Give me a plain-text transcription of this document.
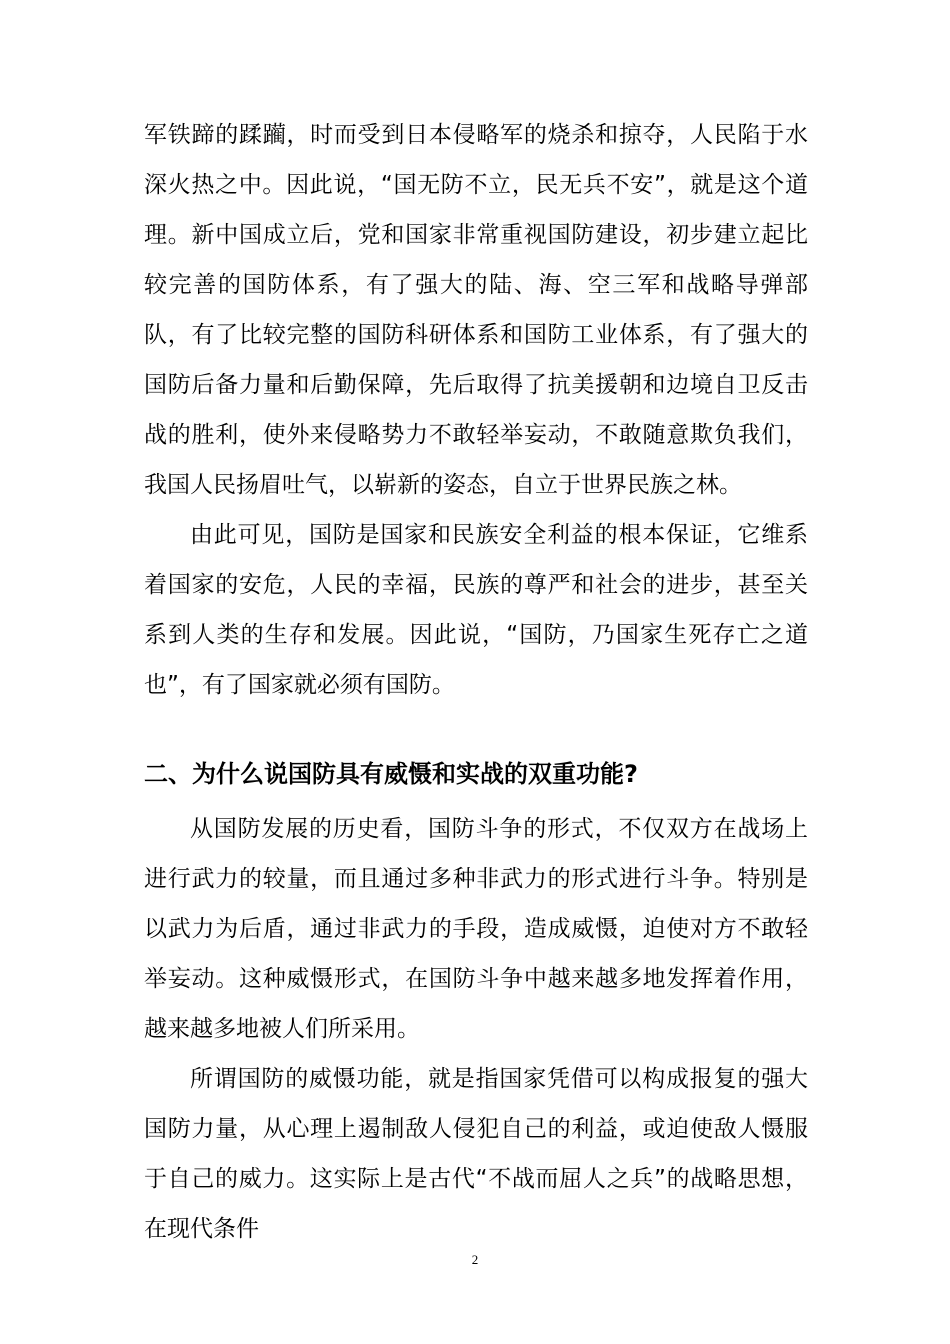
军铁蹄的蹂躏，时而受到日本侵略军的烧杀和掠夺，人民陷于水深火热之中。因此说，“国无防不立，民无兵不安”，就是这个道理。新中国成立后，党和国家非常重视国防建设，初步建立起比较完善的国防体系，有了强大的陆、海、空三军和战略导弹部队，有了比较完整的国防科研体系和国防工业体系，有了强大的国防后备力量和后勤保障，先后取得了抗美援朝和边境自卫反击战的胜利，使外来侵略势力不敢轻举妄动，不敢随意欺负我们，我国人民扬眉吐气，以崭新的姿态，自立于世界民族之林。

由此可见，国防是国家和民族安全利益的根本保证，它维系着国家的安危，人民的幸福，民族的尊严和社会的进步，甚至关系到人类的生存和发展。因此说，“国防，乃国家生死存亡之道也”，有了国家就必须有国防。

二、为什么说国防具有威慑和实战的双重功能?

从国防发展的历史看，国防斗争的形式，不仅双方在战场上进行武力的较量，而且通过多种非武力的形式进行斗争。特别是以武力为后盾，通过非武力的手段，造成威慑，迫使对方不敢轻举妄动。这种威慑形式，在国防斗争中越来越多地发挥着作用，越来越多地被人们所采用。

所谓国防的威慑功能，就是指国家凭借可以构成报复的强大国防力量，从心理上遏制敌人侵犯自己的利益，或迫使敌人慑服于自己的威力。这实际上是古代“不战而屈人之兵”的战略思想，在现代条件

2
